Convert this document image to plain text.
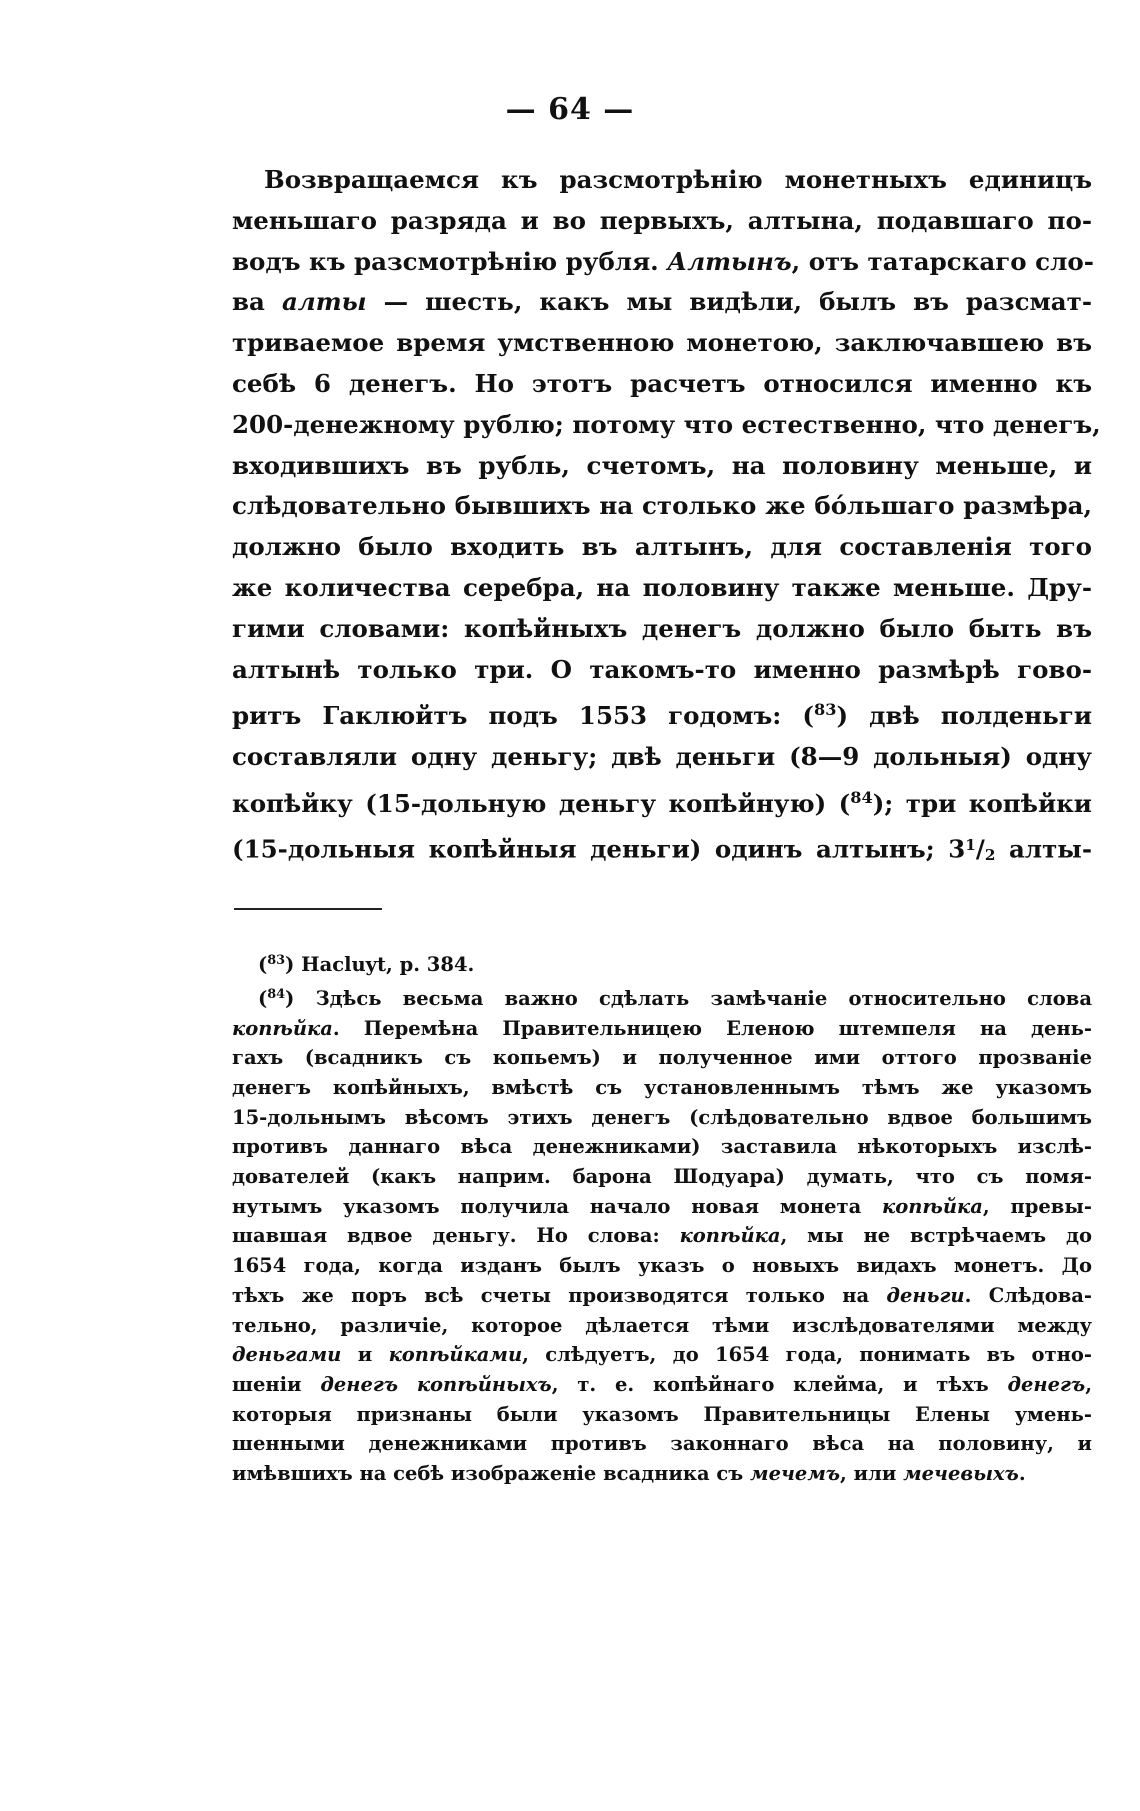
— 64 —
Возвращаемся къ разсмотрѣнію монетныхъ единицъ
меньшаго разряда и во первыхъ, алтына, подавшаго по-
водъ къ разсмотрѣнію рубля. Алтынъ, отъ татарскаго сло-
ва алты — шесть, какъ мы видѣли, былъ въ разсмат-
триваемое время умственною монетою, заключавшею въ
себѣ 6 денегъ. Но этотъ расчетъ относился именно къ
200-денежному рублю; потому что естественно, что денегъ,
входившихъ въ рубль, счетомъ, на половину меньше, и
слѣдовательно бывшихъ на столько же бóльшаго размѣра,
должно было входить въ алтынъ, для составленія того
же количества серебра, на половину также меньше. Дру-
гими словами: копѣйныхъ денегъ должно было быть въ
алтынѣ только три. О такомъ-то именно размѣрѣ гово-
ритъ Гаклюйтъ подъ 1553 годомъ: ($^{83}$) двѣ полденьги
составляли одну деньгу; двѣ деньги (8—9 дольныя) одну
копѣйку (15-дольную деньгу копѣйную) ($^{84}$); три копѣйки
(15-дольныя копѣйныя деньги) одинъ алтынъ; $3^1/2$ алты-
($^{83}$) Hacluyt, p. 384.
($^{84}$) Здѣсь весьма важно сдѣлать замѣчаніе относительно слова
копѣйка. Перемѣна Правительницею Еленою штемпеля на день-
гахъ (всадникъ съ копьемъ) и полученное ими оттого прозваніе
денегъ копѣйныхъ, вмѣстѣ съ установленнымъ тѣмъ же указомъ
15-дольнымъ вѣсомъ этихъ денегъ (слѣдовательно вдвое большимъ
противъ даннаго вѣса денежниками) заставила нѣкоторыхъ изслѣ-
дователей (какъ наприм. барона Шодуара) думать, что съ помя-
нутымъ указомъ получила начало новая монета копѣйка, превы-
шавшая вдвое деньгу. Но слова: копѣйка, мы не встрѣчаемъ до
1654 года, когда изданъ былъ указъ о новыхъ видахъ монетъ. До
тѣхъ же поръ всѣ счеты производятся только на деньги. Слѣдова-
тельно, различіе, которое дѣлается тѣми изслѣдователями между
деньгами и копѣйками, слѣдуетъ, до 1654 года, понимать въ отно-
шеніи денегъ копѣйныхъ, т. е. копѣйнаго клейма, и тѣхъ денегъ,
которыя признаны были указомъ Правительницы Елены умень-
шенными денежниками противъ законнаго вѣса на половину, и
имѣвшихъ на себѣ изображеніе всадника съ мечемъ, или мечевыхъ.
